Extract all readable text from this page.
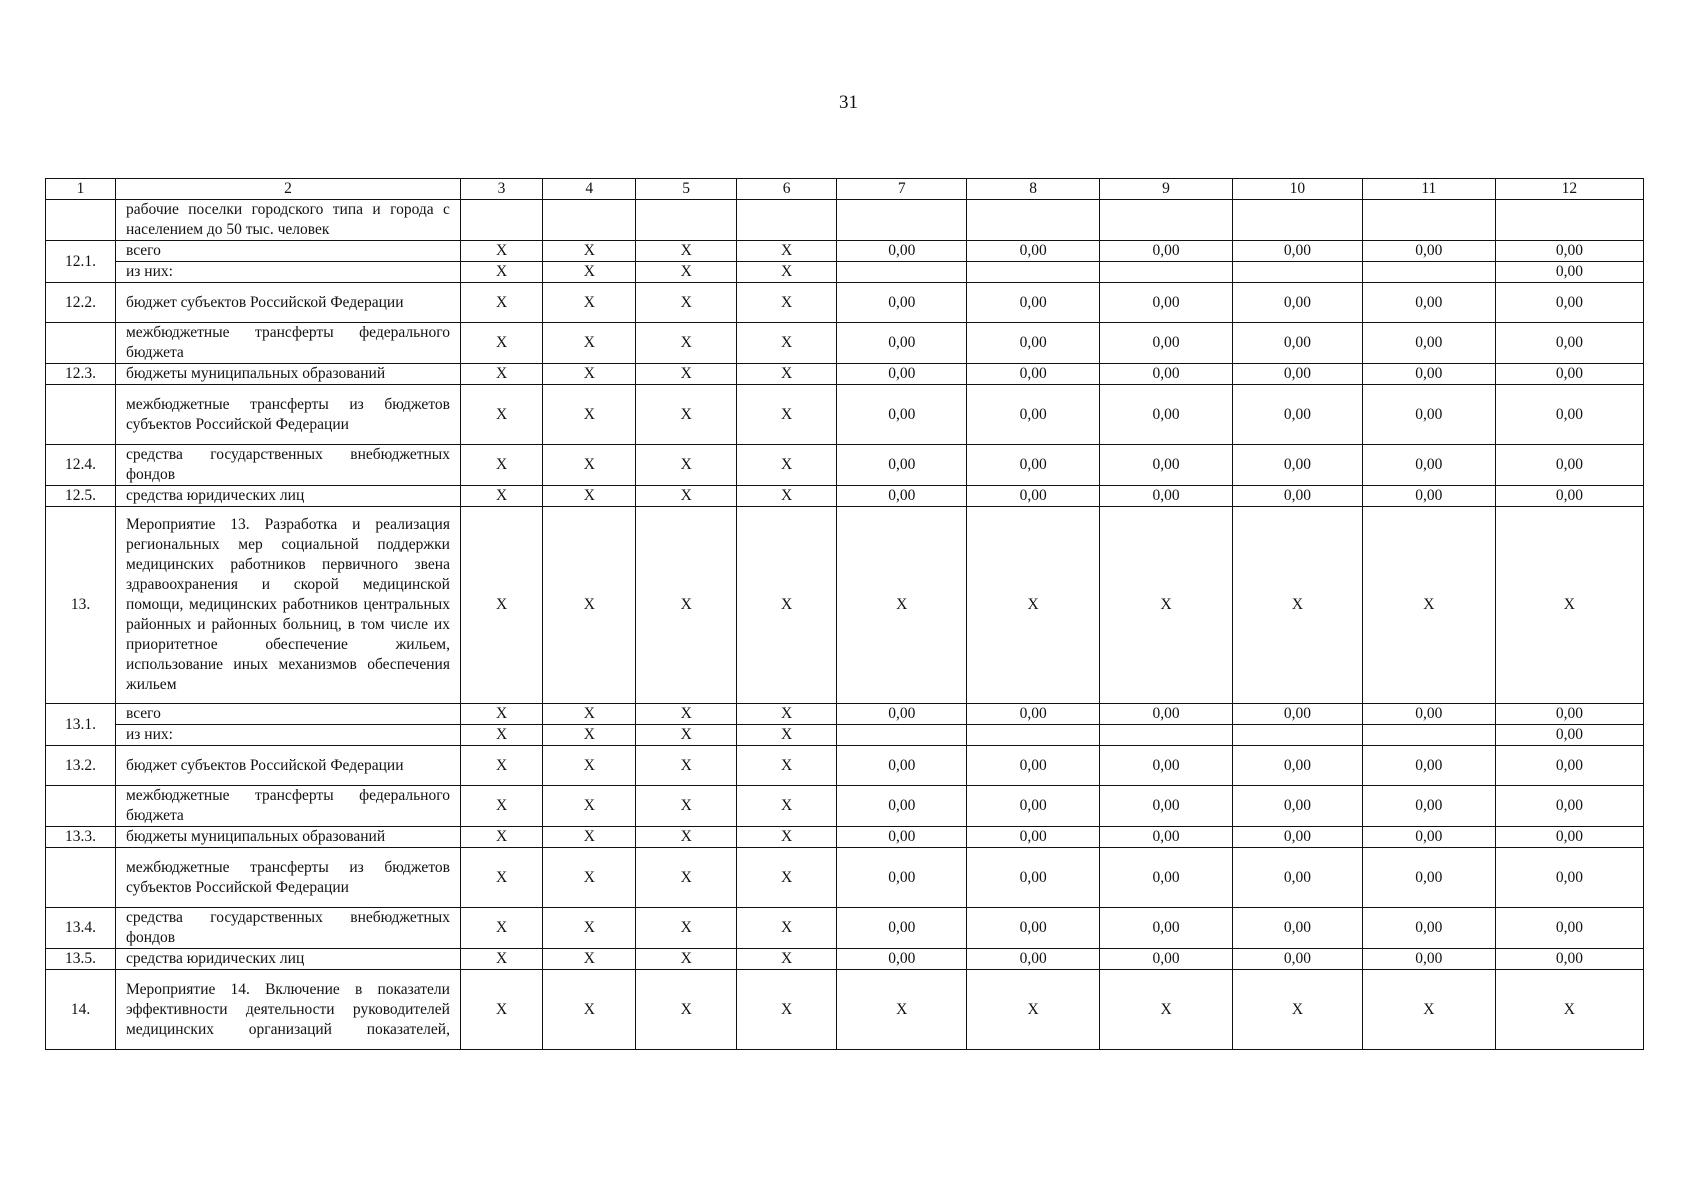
31
1	2	3	4	5	6	7	8	9	10	11	12
	рабочие поселки городского типа и города с населением до 50 тыс. человек										
12.1.	всего	X	X	X	X	0,00	0,00	0,00	0,00	0,00	0,00
	из них:	X	X	X	X						0,00
12.2.	бюджет субъектов Российской Федерации	X	X	X	X	0,00	0,00	0,00	0,00	0,00	0,00
	межбюджетные трансферты федерального бюджета	X	X	X	X	0,00	0,00	0,00	0,00	0,00	0,00
12.3.	бюджеты муниципальных образований	X	X	X	X	0,00	0,00	0,00	0,00	0,00	0,00
	межбюджетные трансферты из бюджетов субъектов Российской Федерации	X	X	X	X	0,00	0,00	0,00	0,00	0,00	0,00
12.4.	средства государственных внебюджетных фондов	X	X	X	X	0,00	0,00	0,00	0,00	0,00	0,00
12.5.	средства юридических лиц	X	X	X	X	0,00	0,00	0,00	0,00	0,00	0,00
13.	Мероприятие 13. Разработка и реализация региональных мер социальной поддержки медицинских работников первичного звена здравоохранения и скорой медицинской помощи, медицинских работников центральных районных и районных больниц, в том числе их приоритетное обеспечение жильем, использование иных механизмов обеспечения жильем	X	X	X	X	X	X	X	X	X	X
13.1.	всего	X	X	X	X	0,00	0,00	0,00	0,00	0,00	0,00
	из них:	X	X	X	X						0,00
13.2.	бюджет субъектов Российской Федерации	X	X	X	X	0,00	0,00	0,00	0,00	0,00	0,00
	межбюджетные трансферты федерального бюджета	X	X	X	X	0,00	0,00	0,00	0,00	0,00	0,00
13.3.	бюджеты муниципальных образований	X	X	X	X	0,00	0,00	0,00	0,00	0,00	0,00
	межбюджетные трансферты из бюджетов субъектов Российской Федерации	X	X	X	X	0,00	0,00	0,00	0,00	0,00	0,00
13.4.	средства государственных внебюджетных фондов	X	X	X	X	0,00	0,00	0,00	0,00	0,00	0,00
13.5.	средства юридических лиц	X	X	X	X	0,00	0,00	0,00	0,00	0,00	0,00
14.	Мероприятие 14. Включение в показатели эффективности деятельности руководителей медицинских организаций показателей,	X	X	X	X	X	X	X	X	X	X
